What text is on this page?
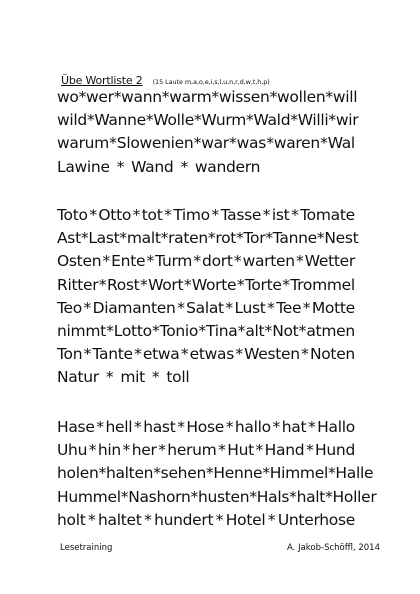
Übe Wortliste 2 (15 Laute m,a,o,e,i,s,l,u,n,r,d,w,t,h,p)
wo * wer * wann * warm * wissen * wollen * will
wild * Wanne * Wolle * Wurm * Wald * Willi * wir
warum * Slowenien * war * was * waren * Wal
Lawine * Wand * wandern
Toto * Otto * tot * Timo * Tasse * ist * Tomate
Ast * Last * malt * raten * rot * Tor * Tanne * Nest
Osten * Ente * Turm * dort * warten * Wetter
Ritter * Rost * Wort * Worte * Torte * Trommel
Teo * Diamanten * Salat * Lust * Tee * Motte
nimmt * Lotto * Tonio * Tina * alt * Not * atmen
Ton * Tante * etwa * etwas * Westen * Noten
Natur * mit * toll
Hase * hell * hast * Hose * hallo * hat * Hallo
Uhu * hin * her * herum * Hut * Hand * Hund
holen * halten * sehen * Henne * Himmel * Halle
Hummel * Nashorn * husten * Hals * halt * Holler
holt * haltet * hundert * Hotel * Unterhose
Lesetraining	A. Jakob-Schöffl, 2014
